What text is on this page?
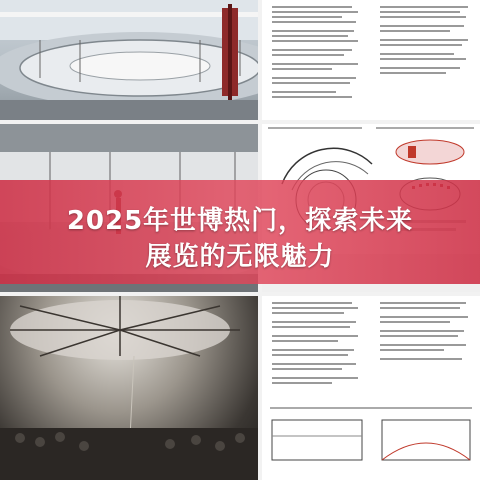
2025年世博热门，探索未来
展览的无限魅力
